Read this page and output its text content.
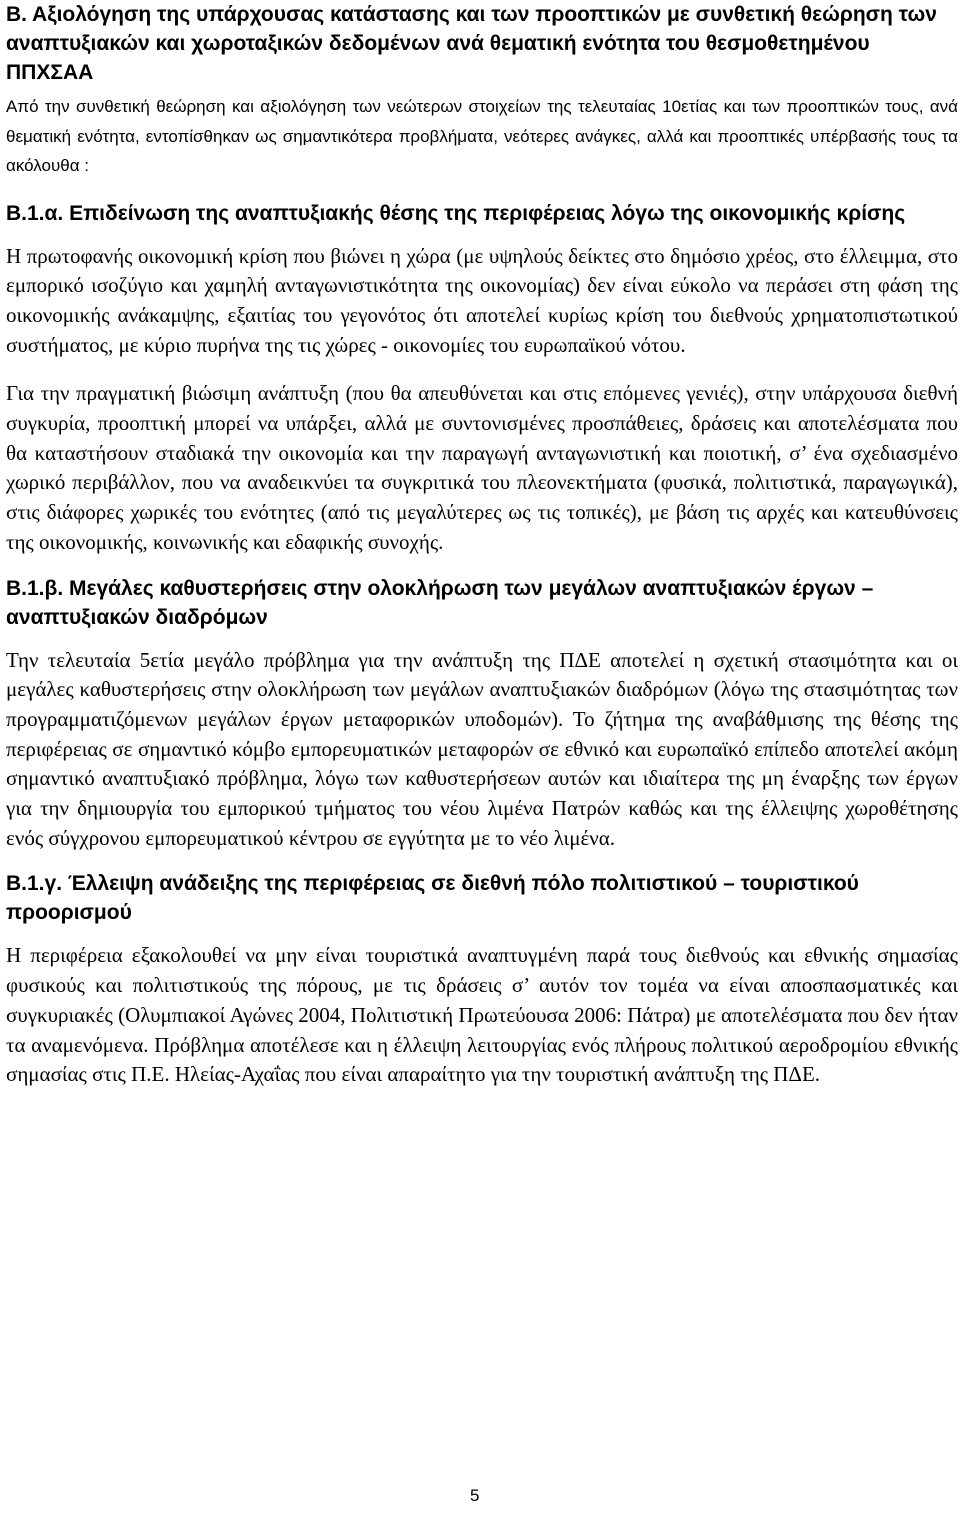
Β. Αξιολόγηση της υπάρχουσας κατάστασης και των προοπτικών με συνθετική θεώρηση των αναπτυξιακών και χωροταξικών δεδομένων ανά θεματική ενότητα του θεσμοθετημένου ΠΠΧΣΑΑ

Από την συνθετική θεώρηση και αξιολόγηση των νεώτερων στοιχείων της τελευταίας 10ετίας και των προοπτικών τους, ανά θεματική ενότητα, εντοπίσθηκαν ως σημαντικότερα προβλήματα, νεότερες ανάγκες, αλλά και προοπτικές υπέρβασής τους τα ακόλουθα :

Β.1.α. Επιδείνωση της αναπτυξιακής θέσης της περιφέρειας λόγω της οικονομικής κρίσης

Η πρωτοφανής οικονομική κρίση που βιώνει η χώρα (με υψηλούς δείκτες στο δημόσιο χρέος, στο έλλειμμα, στο εμπορικό ισοζύγιο και χαμηλή ανταγωνιστικότητα της οικονομίας) δεν είναι εύκολο να περάσει στη φάση της οικονομικής ανάκαμψης, εξαιτίας του γεγονότος ότι αποτελεί κυρίως κρίση του διεθνούς χρηματοπιστωτικού συστήματος, με κύριο πυρήνα της τις χώρες - οικονομίες του ευρωπαϊκού νότου.

Για την πραγματική βιώσιμη ανάπτυξη (που θα απευθύνεται και στις επόμενες γενιές), στην υπάρχουσα διεθνή συγκυρία, προοπτική μπορεί να υπάρξει, αλλά με συντονισμένες προσπάθειες, δράσεις και αποτελέσματα που θα καταστήσουν σταδιακά την οικονομία και την παραγωγή ανταγωνιστική και ποιοτική, σ’ ένα σχεδιασμένο χωρικό περιβάλλον, που να αναδεικνύει τα συγκριτικά του πλεονεκτήματα (φυσικά, πολιτιστικά, παραγωγικά), στις διάφορες χωρικές του ενότητες (από τις μεγαλύτερες ως τις τοπικές), με βάση τις αρχές και κατευθύνσεις της οικονομικής, κοινωνικής και εδαφικής συνοχής.

Β.1.β. Μεγάλες καθυστερήσεις στην ολοκλήρωση των μεγάλων αναπτυξιακών έργων – αναπτυξιακών διαδρόμων

Την τελευταία 5ετία μεγάλο πρόβλημα για την ανάπτυξη της ΠΔΕ αποτελεί η σχετική στασιμότητα και οι μεγάλες καθυστερήσεις στην ολοκλήρωση των μεγάλων αναπτυξιακών διαδρόμων (λόγω της στασιμότητας των προγραμματιζόμενων μεγάλων έργων μεταφορικών υποδομών). Το ζήτημα της αναβάθμισης της θέσης της περιφέρειας σε σημαντικό κόμβο εμπορευματικών μεταφορών σε εθνικό και ευρωπαϊκό επίπεδο αποτελεί ακόμη σημαντικό αναπτυξιακό πρόβλημα, λόγω των καθυστερήσεων αυτών και ιδιαίτερα της μη έναρξης των έργων για την δημιουργία του εμπορικού τμήματος του νέου λιμένα Πατρών καθώς και της έλλειψης χωροθέτησης ενός σύγχρονου εμπορευματικού κέντρου σε εγγύτητα με το νέο λιμένα.

Β.1.γ. Έλλειψη ανάδειξης της περιφέρειας σε διεθνή πόλο πολιτιστικού – τουριστικού προορισμού

Η περιφέρεια εξακολουθεί να μην είναι τουριστικά αναπτυγμένη παρά τους διεθνούς και εθνικής σημασίας φυσικούς και πολιτιστικούς της πόρους, με τις δράσεις σ’ αυτόν τον τομέα να είναι αποσπασματικές και συγκυριακές (Ολυμπιακοί Αγώνες 2004, Πολιτιστική Πρωτεύουσα 2006: Πάτρα) με αποτελέσματα που δεν ήταν τα αναμενόμενα. Πρόβλημα αποτέλεσε και η έλλειψη λειτουργίας ενός πλήρους πολιτικού αεροδρομίου εθνικής σημασίας στις Π.Ε. Ηλείας-Αχαΐας που είναι απαραίτητο για την τουριστική ανάπτυξη της ΠΔΕ.

5
